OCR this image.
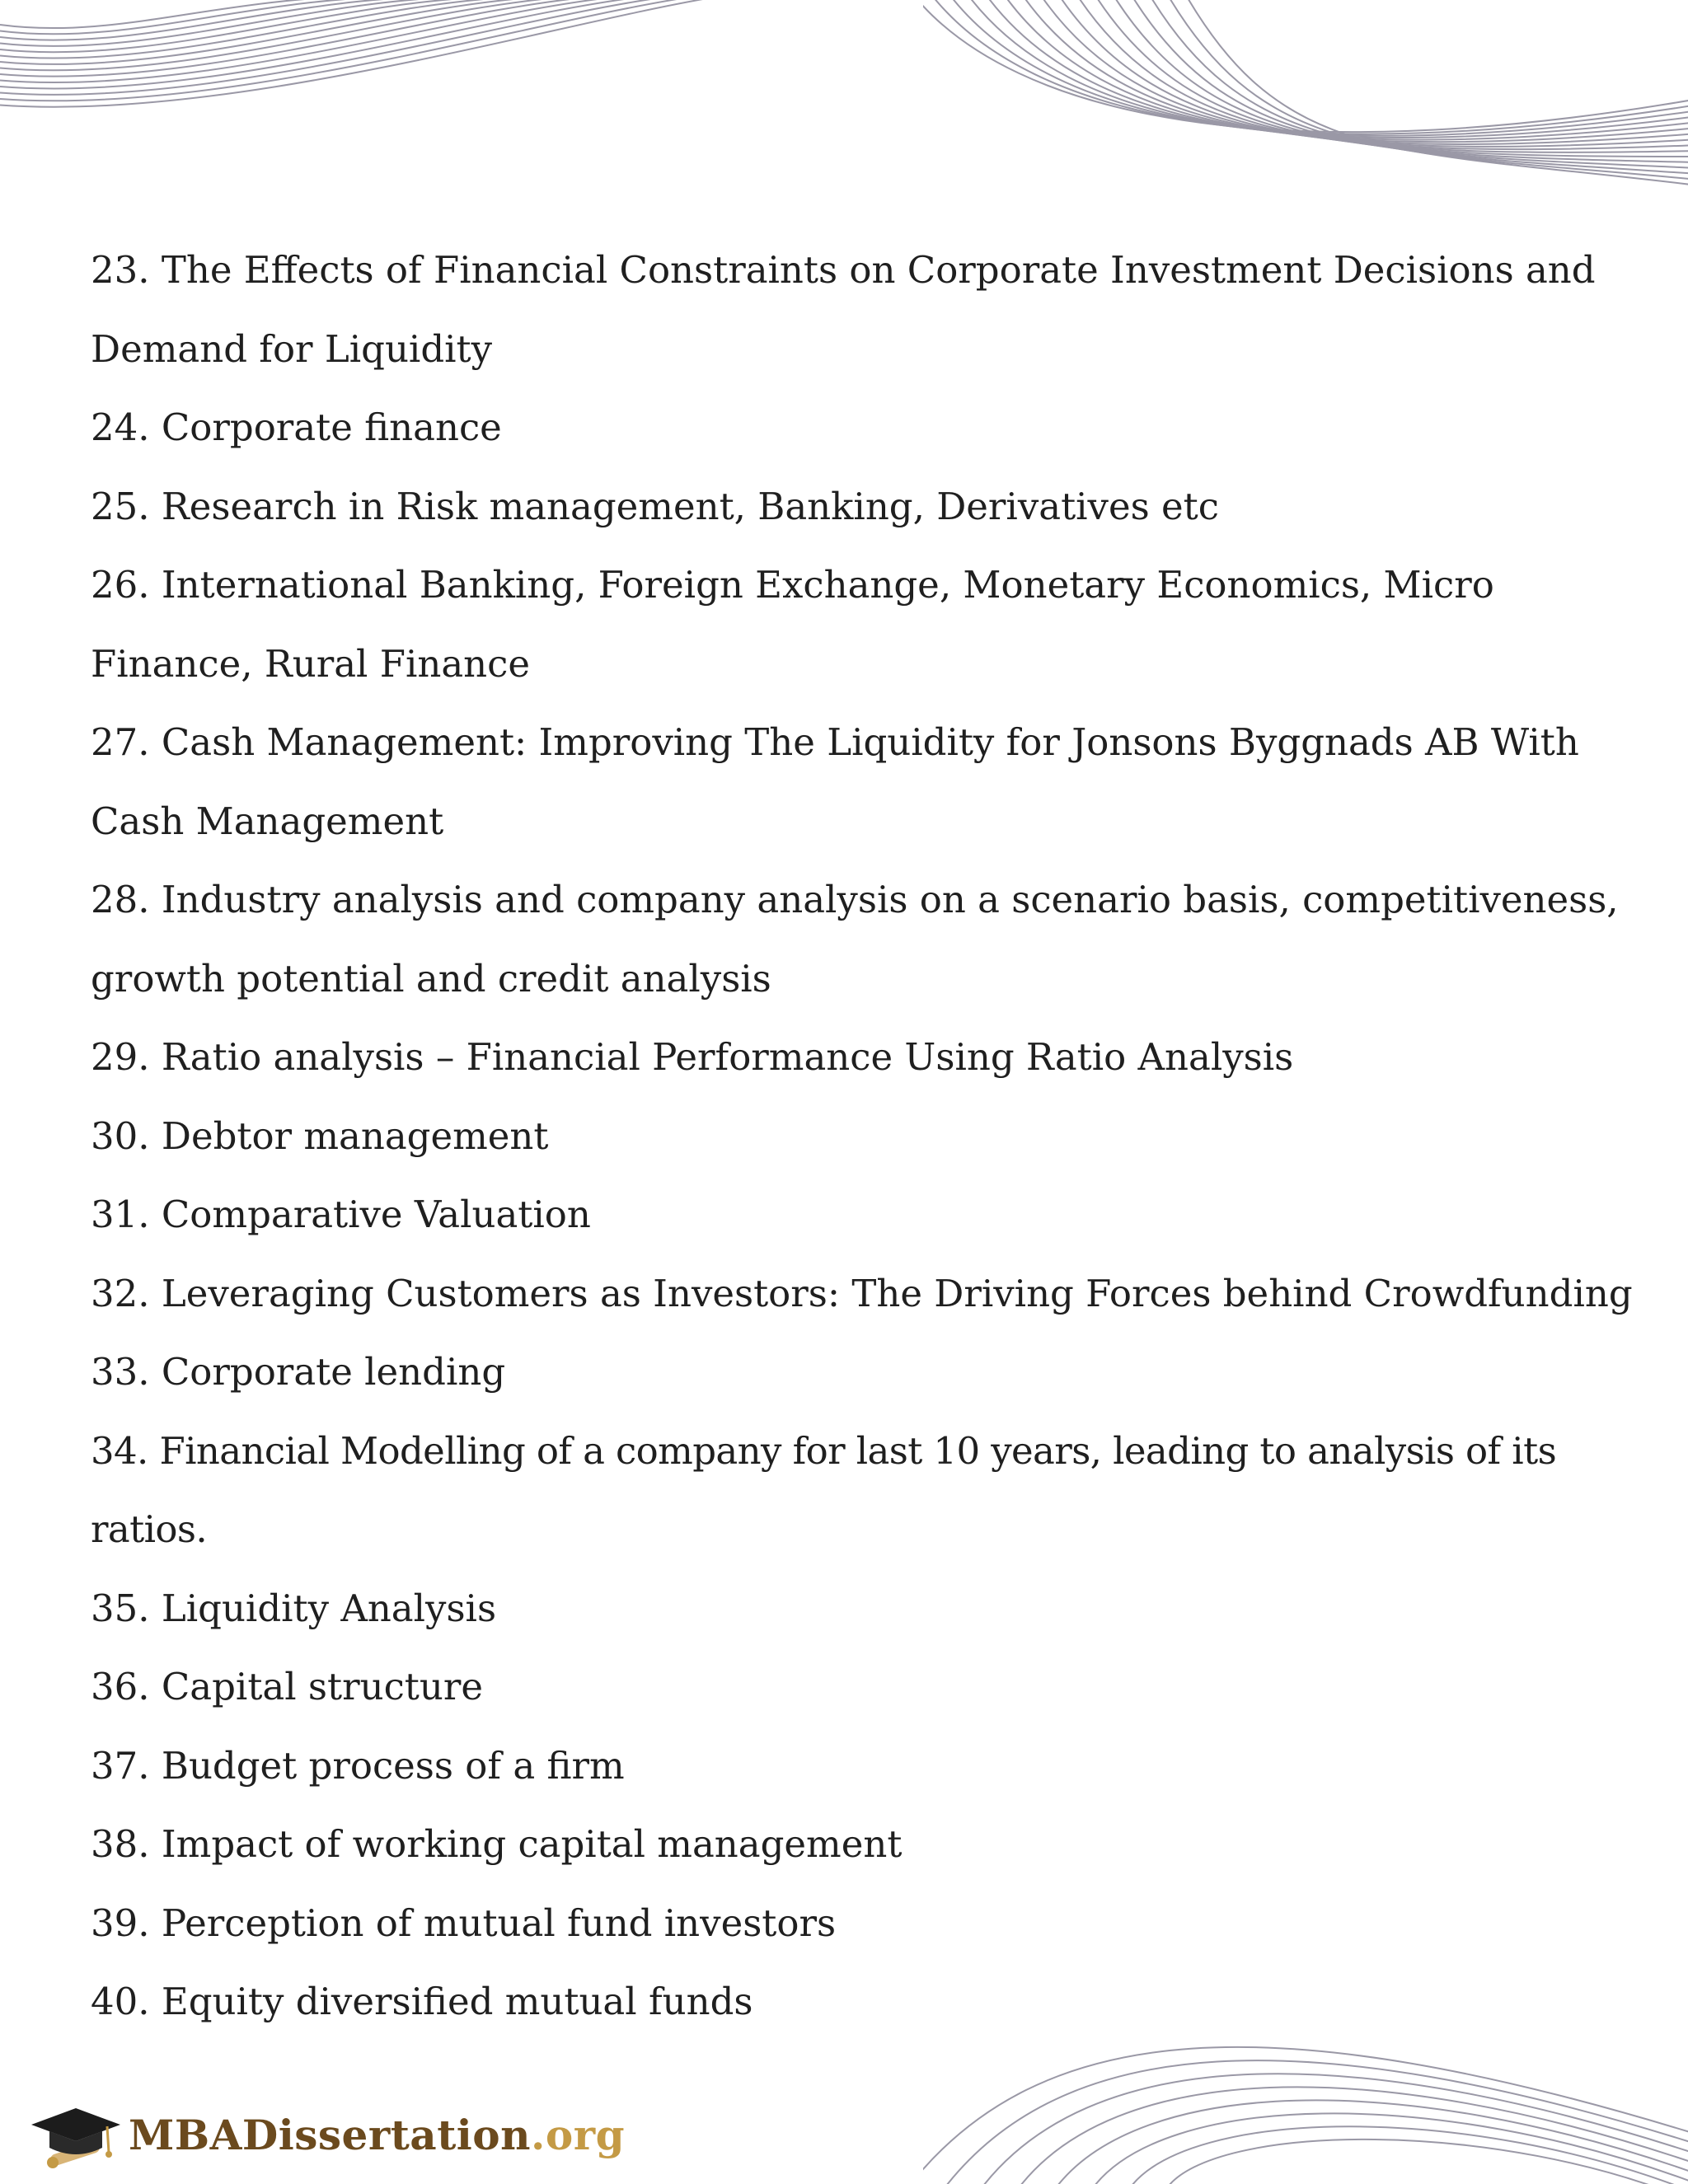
23. The Effects of Financial Constraints on Corporate Investment Decisions and Demand for Liquidity
24. Corporate finance
25. Research in Risk management, Banking, Derivatives etc
26. International Banking, Foreign Exchange, Monetary Economics, Micro Finance, Rural Finance
27. Cash Management: Improving The Liquidity for Jonsons Byggnads AB With Cash Management
28. Industry analysis and company analysis on a scenario basis, competitiveness, growth potential and credit analysis
29. Ratio analysis – Financial Performance Using Ratio Analysis
30. Debtor management
31. Comparative Valuation
32. Leveraging Customers as Investors: The Driving Forces behind Crowdfunding
33. Corporate lending
34. Financial Modelling of a company for last 10 years, leading to analysis of its ratios.
35. Liquidity Analysis
36. Capital structure
37. Budget process of a firm
38. Impact of working capital management
39. Perception of mutual fund investors
40. Equity diversified mutual funds
MBADissertation.org
